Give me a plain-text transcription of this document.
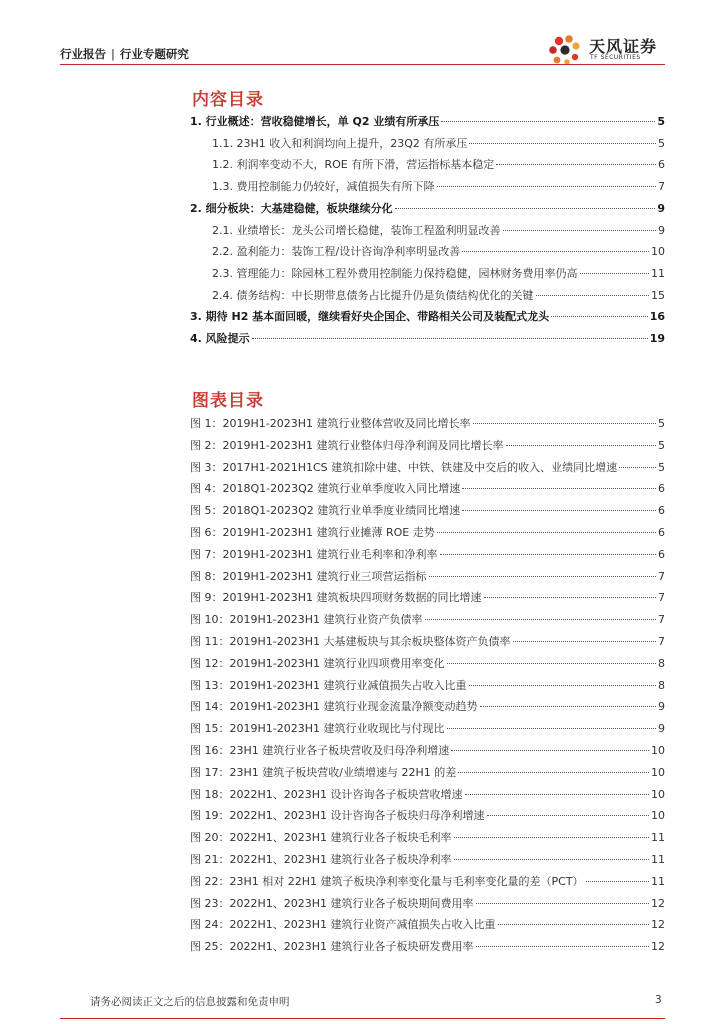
行业报告 | 行业专题研究	天风证券
TF SECURITIES
内容目录
1. 行业概述：营收稳健增长，单 Q2 业绩有所承压	5
1.1. 23H1 收入和利润均向上提升，23Q2 有所承压	5
1.2. 利润率变动不大，ROE 有所下滑，营运指标基本稳定	6
1.3. 费用控制能力仍较好，减值损失有所下降	7
2. 细分板块：大基建稳健，板块继续分化	9
2.1. 业绩增长：龙头公司增长稳健，装饰工程盈利明显改善	9
2.2. 盈利能力：装饰工程/设计咨询净利率明显改善	10
2.3. 管理能力：除园林工程外费用控制能力保持稳健，园林财务费用率仍高	11
2.4. 债务结构：中长期带息债务占比提升仍是负债结构优化的关键	15
3. 期待 H2 基本面回暖，继续看好央企国企、带路相关公司及装配式龙头	16
4. 风险提示	19
图表目录
图 1：2019H1-2023H1 建筑行业整体营收及同比增长率	5
图 2：2019H1-2023H1 建筑行业整体归母净利润及同比增长率	5
图 3：2017H1-2021H1CS 建筑扣除中建、中铁、铁建及中交后的收入、业绩同比增速	5
图 4：2018Q1-2023Q2 建筑行业单季度收入同比增速	6
图 5：2018Q1-2023Q2 建筑行业单季度业绩同比增速	6
图 6：2019H1-2023H1 建筑行业摊薄 ROE 走势	6
图 7：2019H1-2023H1 建筑行业毛利率和净利率	6
图 8：2019H1-2023H1 建筑行业三项营运指标	7
图 9：2019H1-2023H1 建筑板块四项财务数据的同比增速	7
图 10：2019H1-2023H1 建筑行业资产负债率	7
图 11：2019H1-2023H1 大基建板块与其余板块整体资产负债率	7
图 12：2019H1-2023H1 建筑行业四项费用率变化	8
图 13：2019H1-2023H1 建筑行业减值损失占收入比重	8
图 14：2019H1-2023H1 建筑行业现金流量净额变动趋势	9
图 15：2019H1-2023H1 建筑行业收现比与付现比	9
图 16：23H1 建筑行业各子板块营收及归母净利增速	10
图 17：23H1 建筑子板块营收/业绩增速与 22H1 的差	10
图 18：2022H1、2023H1 设计咨询各子板块营收增速	10
图 19：2022H1、2023H1 设计咨询各子板块归母净利增速	10
图 20：2022H1、2023H1 建筑行业各子板块毛利率	11
图 21：2022H1、2023H1 建筑行业各子板块净利率	11
图 22：23H1 相对 22H1 建筑子板块净利率变化量与毛利率变化量的差（PCT）	11
图 23：2022H1、2023H1 建筑行业各子板块期间费用率	12
图 24：2022H1、2023H1 建筑行业资产减值损失占收入比重	12
图 25：2022H1、2023H1 建筑行业各子板块研发费用率	12
请务必阅读正文之后的信息披露和免责申明	3
